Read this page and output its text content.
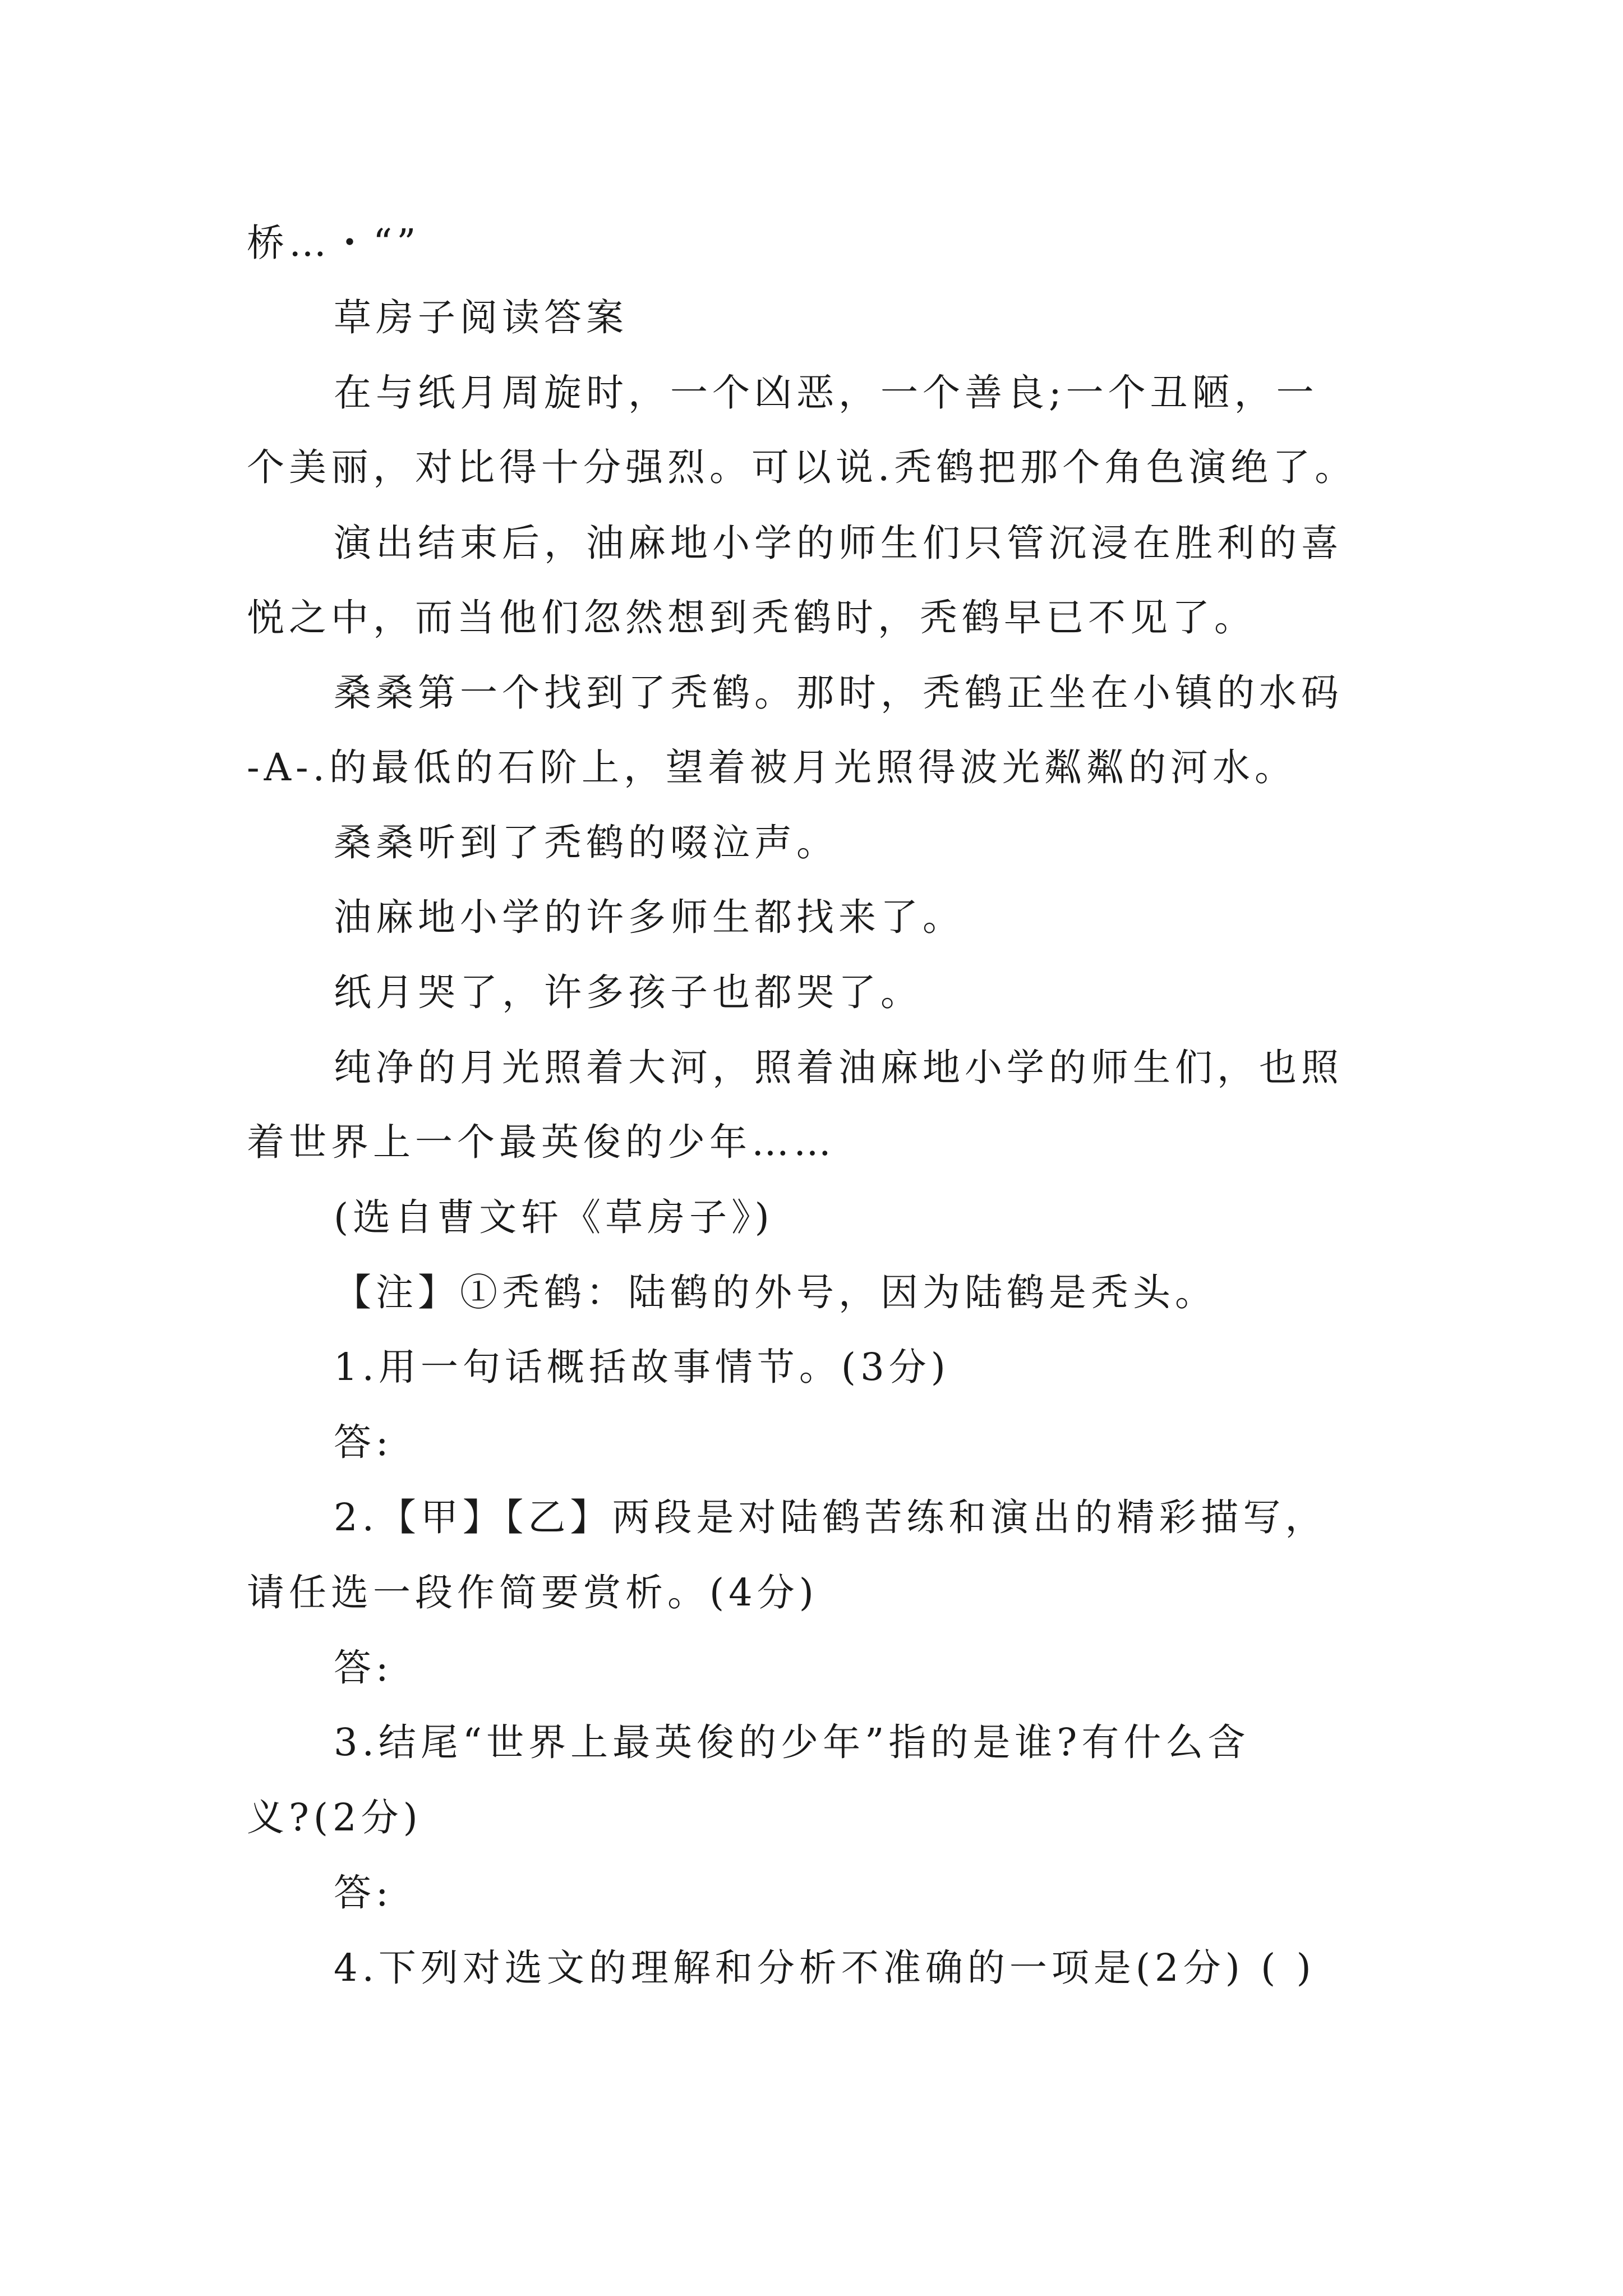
桥…・“”
草房子阅读答案
在与纸月周旋时，一个凶恶，一个善良;一个丑陋，一
个美丽，对比得十分强烈。可以说.秃鹤把那个角色演绝了。
演出结束后，油麻地小学的师生们只管沉浸在胜利的喜
悦之中，而当他们忽然想到秃鹤时，秃鹤早已不见了。
桑桑第一个找到了秃鹤。那时，秃鹤正坐在小镇的水码
-A-.的最低的石阶上，望着被月光照得波光粼粼的河水。
桑桑听到了秃鹤的啜泣声。
油麻地小学的许多师生都找来了。
纸月哭了，许多孩子也都哭了。
纯净的月光照着大河，照着油麻地小学的师生们，也照
着世界上一个最英俊的少年……
(选自曹文轩《草房子》)
【注】①秃鹤：陆鹤的外号，因为陆鹤是秃头。
1.用一句话概括故事情节。(3分)
答:
2.【甲】【乙】两段是对陆鹤苦练和演出的精彩描写，
请任选一段作简要赏析。(4分)
答:
3.结尾“世界上最英俊的少年”指的是谁?有什么含
义?(2分)
答:
4.下列对选文的理解和分析不准确的一项是(2分) ( )
